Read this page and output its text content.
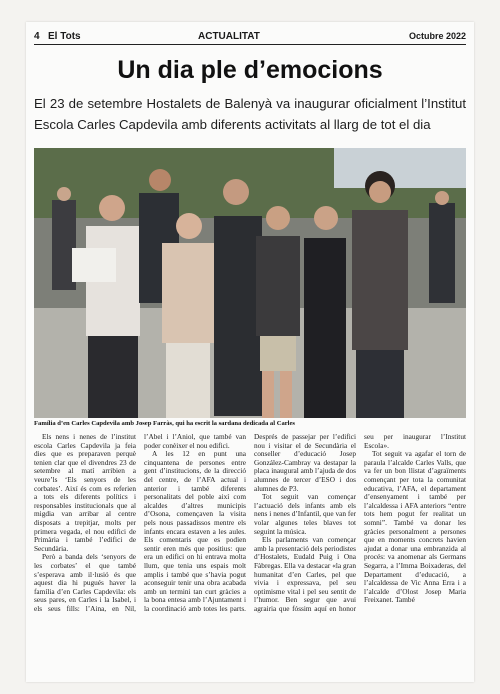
4 El Tots	ACTUALITAT	Octubre 2022
Un dia ple d’emocions
El 23 de setembre Hostalets de Balenyà va inaugurar oficialment l’Institut Escola Carles Capdevila amb diferents activitats al llarg de tot el dia
Família d’en Carles Capdevila amb Josep Farràs, qui ha escrit la sardana dedicada al Carles

Els nens i nenes de l’institut escola Carles Capdevila ja feia dies que es preparaven perquè tenien clar que el divendres 23 de setembre al matí arribien a veure’ls ‘Els senyors de les corbates’. Així és com es referien a tots els diferents polítics i responsables institucionals que al migdia van arribar al centre disposats a trepitjar, molts per primera vegada, el nou edifici de Primària i també l’edifici de Secundària.

Però a banda dels ‘senyors de les corbates’ el que també s’esperava amb il·lusió és que aquest dia hi pugués haver la família d’en Carles Capdevila: els seus pares, en Carles i la Isabel, i els seus fills: l’Aina, en Nil, l’Abel i l’Aniol, que també van poder conèixer el nou edifici.

A les 12 en punt una cinquantena de persones entre gent d’institucions, de la direcció del centre, de l’AFA actual i anterior i també diferents personalitats del poble així com alcaldes d’altres municipis d’Osona, començaven la visita pels nous passadissos mentre els infants encara estaven a les aules. Els comentaris que es podien sentir eren més que positius: que era un edifici on hi entrava molta llum, que tenia uns espais molt amplis i també que s’havia pogut aconseguir tenir una obra acabada amb un termini tan curt gràcies a la bona entesa amb l’Ajuntament i la coordinació amb totes les parts. Després de passejar per l’edifici nou i visitar el de Secundària el conseller d’educació Josep González-Cambray va destapar la placa inaugural amb l’ajuda de dos alumnes de tercer d’ESO i dos alumnes de P3.

Tot seguit van començar l’actuació dels infants amb els nens i nenes d’Infantil, que van fer volar algunes teles blaves tot seguint la música.

Els parlaments van començar amb la presentació dels periodistes d’Hostalets, Eudald Puig i Ona Fàbregas. Ella va destacar «la gran humanitat d’en Carles, pel que vivia i expressava, pel seu optimisme vital i pel seu sentit de l’humor. Ben segur que avui agrairia que fóssim aquí en honor seu per inaugurar l’Institut Escola».

Tot seguit va agafar el torn de paraula l’alcalde Carles Valls, que va fer un bon llistat d’agraïments començant per tota la comunitat educativa, l’AFA, el departament d’ensenyament i també per l’alcaldessa i AFA anteriors “entre tots hem pogut fer realitat un somni”. També va donar les gràcies personalment a persones que en moments concrets havien ajudat a donar una embranzida al procés: va anomenar als Germans Segarra, a l’Imma Boixaderas, del Departament d’educació, a l’alcaldessa de Vic Anna Erra i a l’alcalde d’Olost Josep Maria Freixanet. També
